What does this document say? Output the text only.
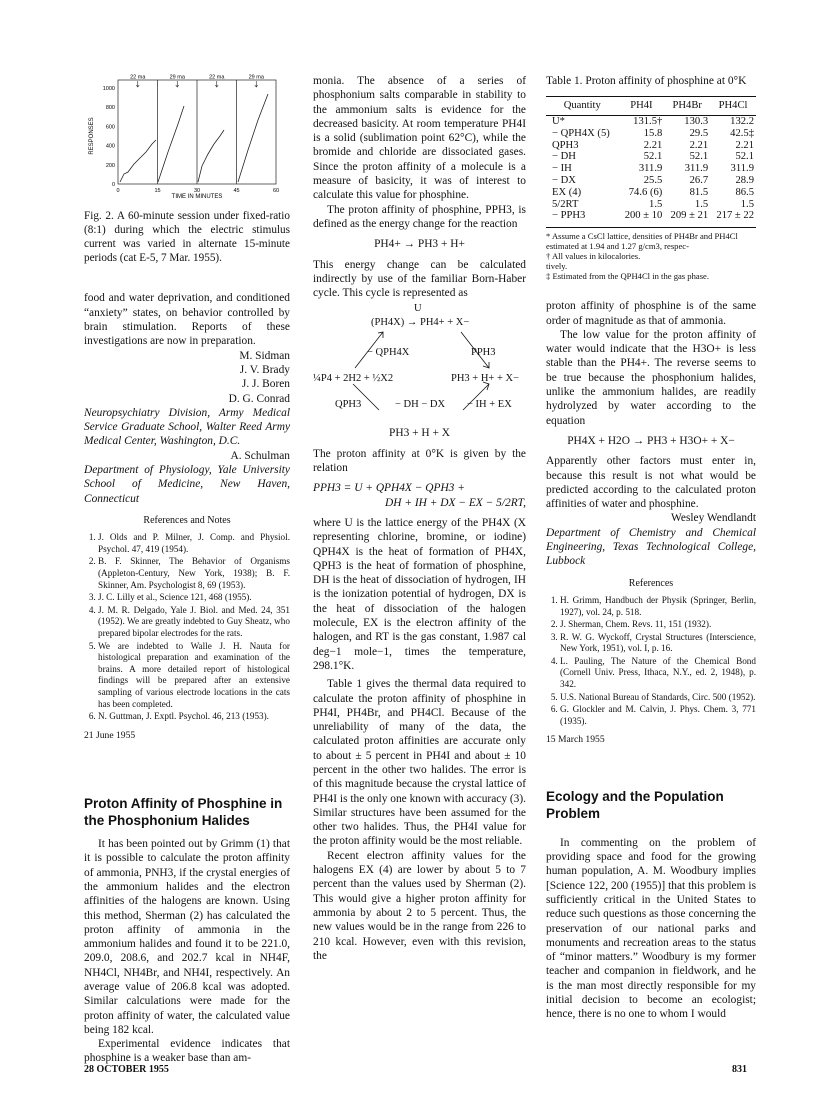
22 ma	29 ma	22 ma	29 ma
1000
800
600
400
200
0
0	15	30	45	60
RESPONSES
TIME IN MINUTES

Fig. 2. A 60-minute session under fixed-ratio (8:1) during which the electric stimulus current was varied in alternate 15-minute periods (cat E-5, 7 Mar. 1955).

food and water deprivation, and conditioned “anxiety” states, on behavior controlled by brain stimulation. Reports of these investigations are now in preparation.

M. Sidman

J. V. Brady

J. J. Boren

D. G. Conrad

Neuropsychiatry Division, Army Medical Service Graduate School, Walter Reed Army Medical Center, Washington, D.C.

A. Schulman

Department of Physiology, Yale University School of Medicine, New Haven, Connecticut

References and Notes
1. J. Olds and P. Milner, J. Comp. and Physiol. Psychol. 47, 419 (1954).
2. B. F. Skinner, The Behavior of Organisms (Appleton-Century, New York, 1938); B. F. Skinner, Am. Psychologist 8, 69 (1953).
3. J. C. Lilly et al., Science 121, 468 (1955).
4. J. M. R. Delgado, Yale J. Biol. and Med. 24, 351 (1952). We are greatly indebted to Guy Sheatz, who prepared bipolar electrodes for the rats.
5. We are indebted to Walle J. H. Nauta for histological preparation and examination of the brains. A more detailed report of histological findings will be prepared after an extensive sampling of various electrode locations in the cats has been completed.
6. N. Guttman, J. Exptl. Psychol. 46, 213 (1953).
21 June 1955
Proton Affinity of Phosphine in the Phosphonium Halides

It has been pointed out by Grimm (1) that it is possible to calculate the proton affinity of ammonia, PNH3, if the crystal energies of the ammonium halides and the electron affinities of the halogens are known. Using this method, Sherman (2) has calculated the proton affinity of ammonia in the ammonium halides and found it to be 221.0, 209.0, 208.6, and 202.7 kcal in NH4F, NH4Cl, NH4Br, and NH4I, respectively. An average value of 206.8 kcal was adopted. Similar calculations were made for the proton affinity of water, the calculated value being 182 kcal.

Experimental evidence indicates that phosphine is a weaker base than am-

monia. The absence of a series of phosphonium salts comparable in stability to the ammonium salts is evidence for the decreased basicity. At room temperature PH4I is a solid (sublimation point 62°C), while the bromide and chloride are dissociated gases. Since the proton affinity of a molecule is a measure of basicity, it was of interest to calculate this value for phosphine.

The proton affinity of phosphine, PPH3, is defined as the energy change for the reaction

PH4+ → PH3 + H+

This energy change can be calculated indirectly by use of the familiar Born-Haber cycle. This cycle is represented as

U
(PH4X) → PH4+ + X−
− QPH4X	PPH3
¼P4 + 2H2 + ½X2	PH3 + H+ + X−
QPH3	− DH − DX − IH + EX
PH3 + H + X

The proton affinity at 0°K is given by the relation

PPH3 = U + QPH4X − QPH3 +
DH + IH + DX − EX − 5/2RT,

where U is the lattice energy of the PH4X (X representing chlorine, bromine, or iodine) QPH4X is the heat of formation of PH4X, QPH3 is the heat of formation of phosphine, DH is the heat of dissociation of hydrogen, IH is the ionization potential of hydrogen, DX is the heat of dissociation of the halogen molecule, EX is the electron affinity of the halogen, and RT is the gas constant, 1.987 cal deg−1 mole−1, times the temperature, 298.1°K.

Table 1 gives the thermal data required to calculate the proton affinity of phosphine in PH4I, PH4Br, and PH4Cl. Because of the unreliability of many of the data, the calculated proton affinities are accurate only to about ± 5 percent in PH4I and about ± 10 percent in the other two halides. The error is of this magnitude because the crystal lattice of PH4I is the only one known with accuracy (3). Similar structures have been assumed for the other two halides. Thus, the PH4I value for the proton affinity would be the most reliable.

Recent electron affinity values for the halogens EX (4) are lower by about 5 to 7 percent than the values used by Sherman (2). This would give a higher proton affinity for ammonia by about 2 to 5 percent. Thus, the new values would be in the range from 226 to 210 kcal. However, even with this revision, the

Table 1. Proton affinity of phosphine at 0°K

Quantity	PH4I	PH4Br	PH4Cl
U*	131.5†	130.3	132.2
− QPH4X (5)	15.8	29.5	42.5‡
QPH3	2.21	2.21	2.21
− DH	52.1	52.1	52.1
− IH	311.9	311.9	311.9
− DX	25.5	26.7	28.9
EX (4)	74.6 (6)	81.5	86.5
5/2RT	1.5	1.5	1.5
− PPH3	200 ± 10	209 ± 21	217 ± 22
* Assume a CsCl lattice, densities of PH4Br and PH4Cl estimated at 1.94 and 1.27 g/cm3, respec-
† All values in kilocalories.
tively.
‡ Estimated from the QPH4Cl in the gas phase.

proton affinity of phosphine is of the same order of magnitude as that of ammonia.

The low value for the proton affinity of water would indicate that the H3O+ is less stable than the PH4+. The reverse seems to be true because the phosphonium halides, unlike the ammonium halides, are readily hydrolyzed by water according to the equation

PH4X + H2O → PH3 + H3O+ + X−

Apparently other factors must enter in, because this result is not what would be predicted according to the calculated proton affinities of water and phosphine.

Wesley Wendlandt

Department of Chemistry and Chemical Engineering, Texas Technological College, Lubbock

References
1. H. Grimm, Handbuch der Physik (Springer, Berlin, 1927), vol. 24, p. 518.
2. J. Sherman, Chem. Revs. 11, 151 (1932).
3. R. W. G. Wyckoff, Crystal Structures (Interscience, New York, 1951), vol. I, p. 16.
4. L. Pauling, The Nature of the Chemical Bond (Cornell Univ. Press, Ithaca, N.Y., ed. 2, 1948), p. 342.
5. U.S. National Bureau of Standards, Circ. 500 (1952).
6. G. Glockler and M. Calvin, J. Phys. Chem. 3, 771 (1935).
15 March 1955
Ecology and the Population Problem

In commenting on the problem of providing space and food for the growing human population, A. M. Woodbury implies [Science 122, 200 (1955)] that this problem is sufficiently critical in the United States to reduce such questions as those concerning the preservation of our national parks and monuments and recreation areas to the status of “minor matters.” Woodbury is my former teacher and companion in fieldwork, and he is the man most directly responsible for my initial decision to become an ecologist; hence, there is no one to whom I would

28 OCTOBER 1955	831
